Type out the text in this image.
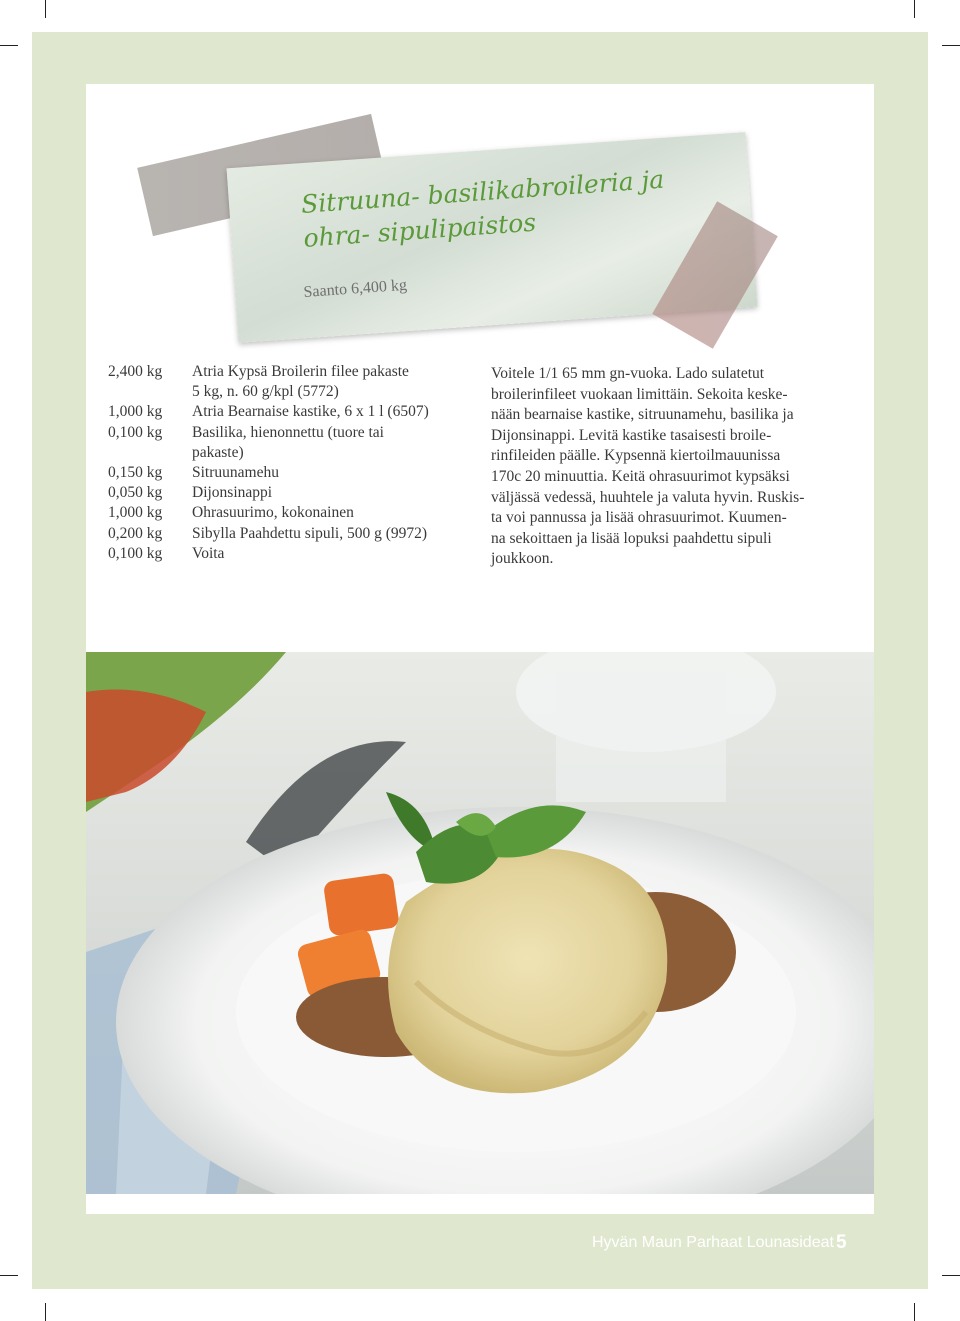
Sitruuna- basilikabroileria ja
ohra- sipulipaistos
Saanto 6,400 kg
2,400 kg	Atria Kypsä Broilerin filee pakaste
5 kg, n. 60 g/kpl (5772)
1,000 kg	Atria Bearnaise kastike, 6 x 1 l (6507)
0,100 kg	Basilika, hienonnettu (tuore tai
pakaste)
0,150 kg	Sitruunamehu
0,050 kg	Dijonsinappi
1,000 kg	Ohrasuurimo, kokonainen
0,200 kg	Sibylla Paahdettu sipuli, 500 g (9972)
0,100 kg	Voita

Voitele 1/1 65 mm gn-vuoka. Lado sulatetut
broilerinfileet vuokaan limittäin. Sekoita keske-
nään bearnaise kastike, sitruunamehu, basilika ja
Dijonsinappi. Levitä kastike tasaisesti broile-
rinfileiden päälle. Kypsennä kiertoilmauunissa
170c 20 minuuttia. Keitä ohrasuurimot kypsäksi
väljässä vedessä, huuhtele ja valuta hyvin. Ruskis-
ta voi pannussa ja lisää ohrasuurimot. Kuumen-
na sekoittaen ja lisää lopuksi paahdettu sipuli
joukkoon.

Hyvän Maun Parhaat Lounasideat 5
